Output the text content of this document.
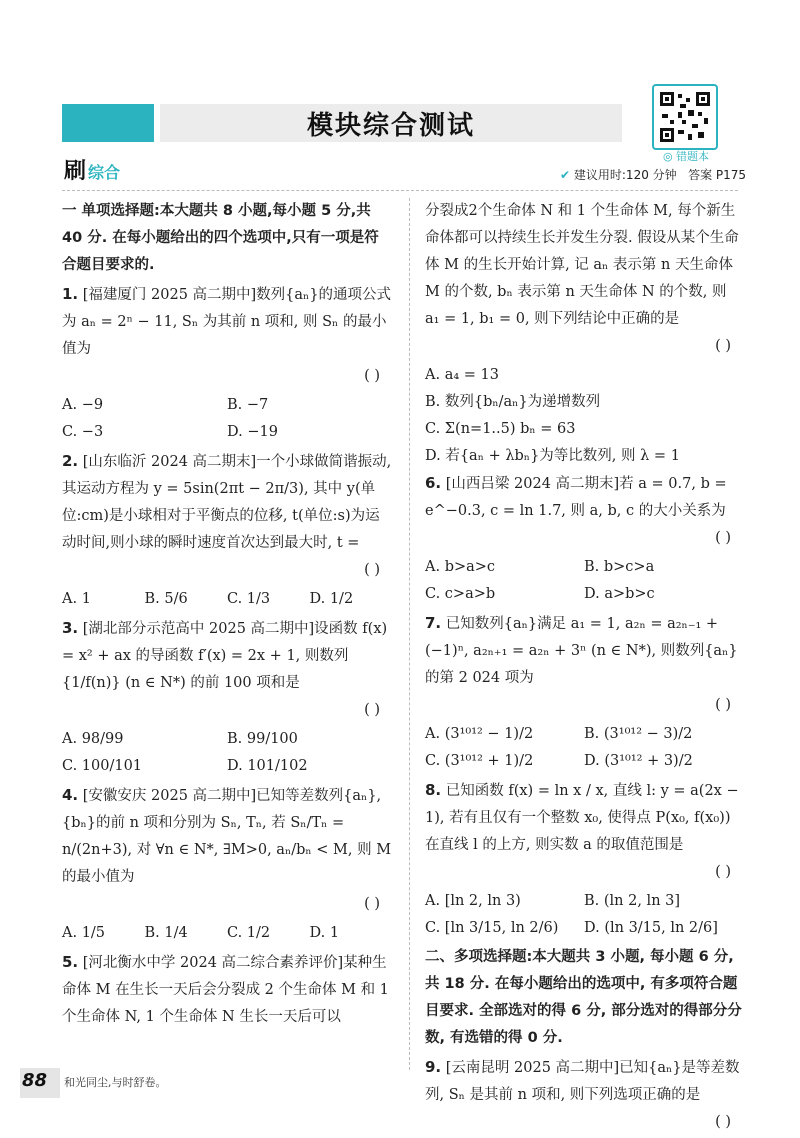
模块综合测试
◎ 错题本
刷 综合	✔ 建议用时:120 分钟 答案 P175
一 单项选择题:本大题共 8 小题,每小题 5 分,共 40 分. 在每小题给出的四个选项中,只有一项是符合题目要求的.
1. [福建厦门 2025 高二期中]数列{aₙ}的通项公式为 aₙ = 2ⁿ − 11, Sₙ 为其前 n 项和, 则 Sₙ 的最小值为
( )
A. −9	B. −7
C. −3	D. −19
2. [山东临沂 2024 高二期末]一个小球做简谐振动,其运动方程为 y = 5sin(2πt − 2π/3), 其中 y(单位:cm)是小球相对于平衡点的位移, t(单位:s)为运动时间,则小球的瞬时速度首次达到最大时, t =
( )
A. 1	B. 5/6	C. 1/3	D. 1/2
3. [湖北部分示范高中 2025 高二期中]设函数 f(x) = x² + ax 的导函数 f′(x) = 2x + 1, 则数列 {1/f(n)} (n ∈ N*) 的前 100 项和是
( )
A. 98/99	B. 99/100
C. 100/101	D. 101/102
4. [安徽安庆 2025 高二期中]已知等差数列{aₙ}, {bₙ}的前 n 项和分别为 Sₙ, Tₙ, 若 Sₙ/Tₙ = n/(2n+3), 对 ∀n ∈ N*, ∃M>0, aₙ/bₙ < M, 则 M 的最小值为
( )
A. 1/5	B. 1/4	C. 1/2	D. 1
5. [河北衡水中学 2024 高二综合素养评价]某种生命体 M 在生长一天后会分裂成 2 个生命体 M 和 1 个生命体 N, 1 个生命体 N 生长一天后可以
分裂成2个生命体 N 和 1 个生命体 M, 每个新生命体都可以持续生长并发生分裂. 假设从某个生命体 M 的生长开始计算, 记 aₙ 表示第 n 天生命体 M 的个数, bₙ 表示第 n 天生命体 N 的个数, 则 a₁ = 1, b₁ = 0, 则下列结论中正确的是
( )
A. a₄ = 13
B. 数列{bₙ/aₙ}为递增数列
C. Σ(n=1..5) bₙ = 63
D. 若{aₙ + λbₙ}为等比数列, 则 λ = 1
6. [山西吕梁 2024 高二期末]若 a = 0.7, b = e^−0.3, c = ln 1.7, 则 a, b, c 的大小关系为
( )
A. b>a>c	B. b>c>a
C. c>a>b	D. a>b>c
7. 已知数列{aₙ}满足 a₁ = 1, a₂ₙ = a₂ₙ₋₁ + (−1)ⁿ, a₂ₙ₊₁ = a₂ₙ + 3ⁿ (n ∈ N*), 则数列{aₙ}的第 2 024 项为
( )
A. (3¹⁰¹² − 1)/2	B. (3¹⁰¹² − 3)/2
C. (3¹⁰¹² + 1)/2	D. (3¹⁰¹² + 3)/2
8. 已知函数 f(x) = ln x / x, 直线 l: y = a(2x − 1), 若有且仅有一个整数 x₀, 使得点 P(x₀, f(x₀)) 在直线 l 的上方, 则实数 a 的取值范围是
( )
A. [ln 2, ln 3)	B. (ln 2, ln 3]
C. [ln 3/15, ln 2/6)	D. (ln 3/15, ln 2/6]
二、多项选择题:本大题共 3 小题, 每小题 6 分, 共 18 分. 在每小题给出的选项中, 有多项符合题目要求. 全部选对的得 6 分, 部分选对的得部分分数, 有选错的得 0 分.
9. [云南昆明 2025 高二期中]已知{aₙ}是等差数列, Sₙ 是其前 n 项和, 则下列选项正确的是
( )
88 和光同尘,与时舒卷。
